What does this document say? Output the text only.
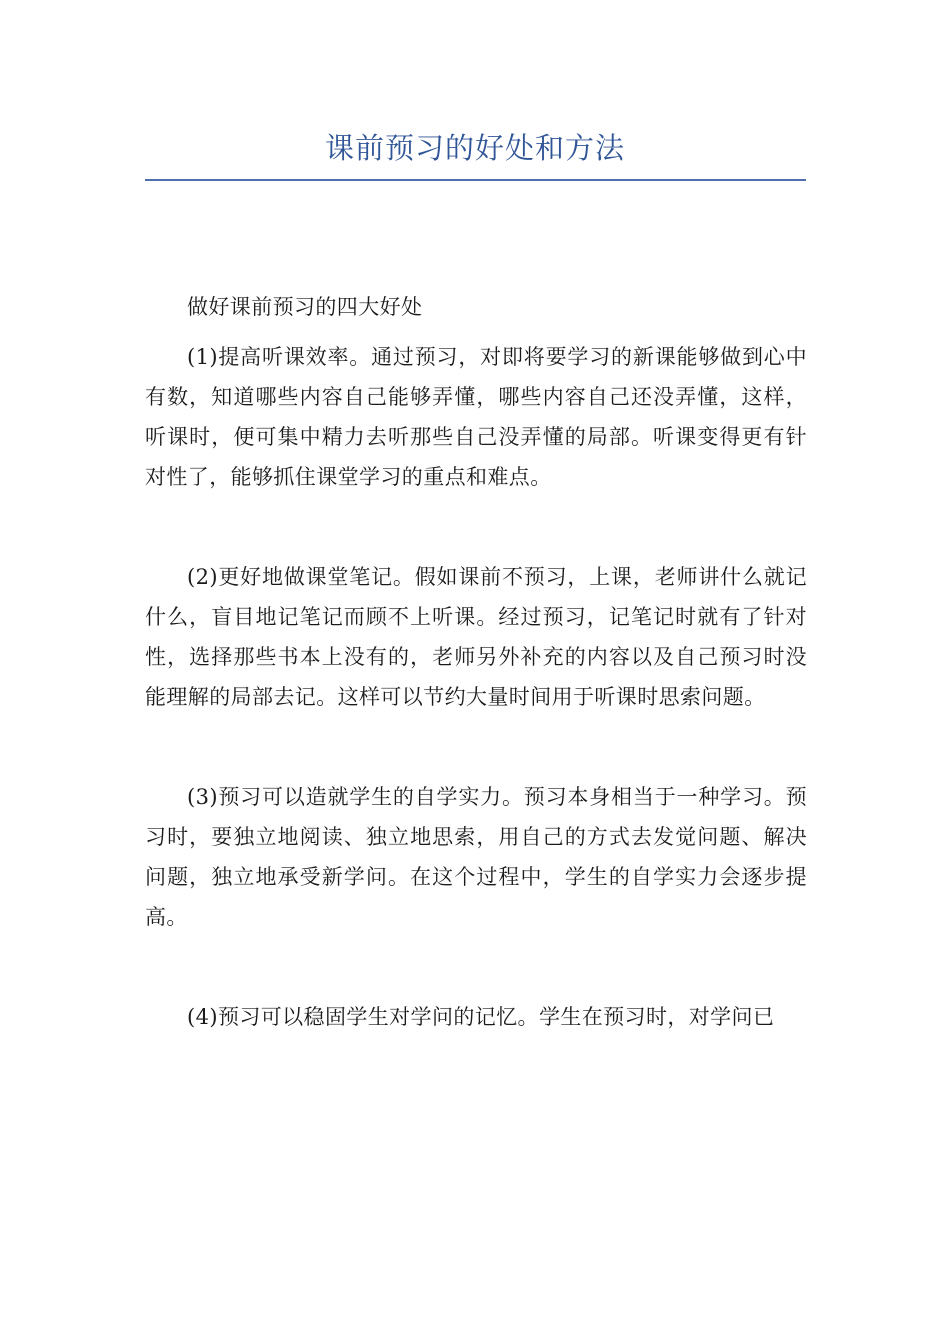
课前预习的好处和方法

做好课前预习的四大好处

(1)提高听课效率。通过预习，对即将要学习的新课能够做到心中有数，知道哪些内容自己能够弄懂，哪些内容自己还没弄懂，这样，听课时，便可集中精力去听那些自己没弄懂的局部。听课变得更有针对性了，能够抓住课堂学习的重点和难点。

(2)更好地做课堂笔记。假如课前不预习，上课，老师讲什么就记什么，盲目地记笔记而顾不上听课。经过预习，记笔记时就有了针对性，选择那些书本上没有的，老师另外补充的内容以及自己预习时没能理解的局部去记。这样可以节约大量时间用于听课时思索问题。

(3)预习可以造就学生的自学实力。预习本身相当于一种学习。预习时，要独立地阅读、独立地思索，用自己的方式去发觉问题、解决问题，独立地承受新学问。在这个过程中，学生的自学实力会逐步提高。

(4)预习可以稳固学生对学问的记忆。学生在预习时，对学问已
